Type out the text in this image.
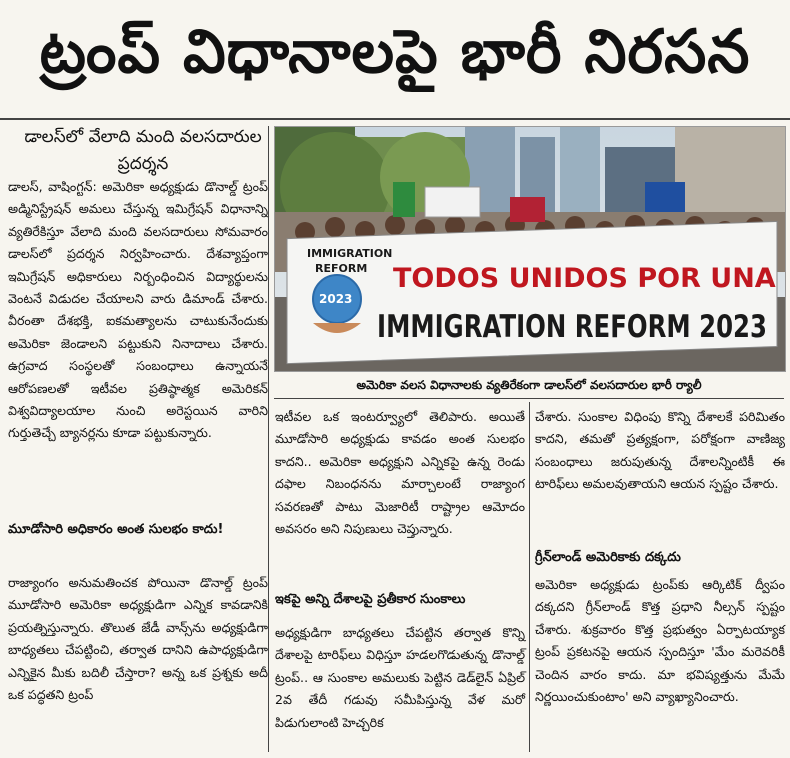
ట్రంప్ విధానాలపై భారీ నిరసన
డాలస్‌లో వేలాది మంది వలసదారుల ప్రదర్శన
డాలస్, వాషింగ్టన్: అమెరికా అధ్యక్షుడు డొనాల్డ్ ట్రంప్ అడ్మినిస్ట్రేషన్ అమలు చేస్తున్న ఇమిగ్రేషన్ విధానాన్ని వ్యతిరేకిస్తూ వేలాది మంది వలసదారులు సోమవారం డాలస్‌లో ప్రదర్శన నిర్వహించారు. దేశవ్యాప్తంగా ఇమిగ్రేషన్ అధికారులు నిర్బంధించిన విద్యార్థులను వెంటనే విడుదల చేయాలని వారు డిమాండ్ చేశారు. వీరంతా దేశభక్తి, ఐకమత్యాలను చాటుకునేందుకు అమెరికా జెండాలని పట్టుకుని నినాదాలు చేశారు. ఉగ్రవాద సంస్థలతో సంబంధాలు ఉన్నాయనే ఆరోపణలతో ఇటీవల ప్రతిష్ఠాత్మక అమెరికన్ విశ్వవిద్యాలయాల నుంచి అరెస్టయిన వారిని గుర్తుతెచ్చే బ్యానర్లను కూడా పట్టుకున్నారు.
మూడోసారి అధికారం అంత సులభం కాదు!
రాజ్యాంగం అనుమతించక పోయినా డొనాల్డ్ ట్రంప్ మూడోసారి అమెరికా అధ్యక్షుడిగా ఎన్నిక కావడానికి ప్రయత్నిస్తున్నారు. తొలుత జేడీ వాన్స్‌ను అధ్యక్షుడిగా బాధ్యతలు చేపట్టించి, తర్వాత దానిని ఉపాధ్యక్షుడిగా ఎన్నికైన మీకు బదిలీ చేస్తారా? అన్న ఒక ప్రశ్నకు అదీ ఒక పద్ధతని ట్రంప్
IMMIGRATION
REFORM
2023
TODOS UNIDOS POR UNA
IMMIGRATION REFORM 2023
అమెరికా వలస విధానాలకు వ్యతిరేకంగా డాలస్‌లో వలసదారుల భారీ ర్యాలీ
ఇటీవల ఒక ఇంటర్వ్యూలో తెలిపారు. అయితే మూడోసారి అధ్యక్షుడు కావడం అంత సులభం కాదని.. అమెరికా అధ్యక్షుని ఎన్నికపై ఉన్న రెండు దఫాల నిబంధనను మార్చాలంటే రాజ్యాంగ సవరణతో పాటు మెజారిటీ రాష్ట్రాల ఆమోదం అవసరం అని నిపుణులు చెప్తున్నారు.
ఇకపై అన్ని దేశాలపై ప్రతీకార సుంకాలు
అధ్యక్షుడిగా బాధ్యతలు చేపట్టిన తర్వాత కొన్ని దేశాలపై టారిఫ్‌లు విధిస్తూ హడలగొడుతున్న డొనాల్డ్ ట్రంప్.. ఆ సుంకాల అమలుకు పెట్టిన డెడ్‌లైన్ ఏప్రిల్ 2వ తేదీ గడువు సమీపిస్తున్న వేళ మరో పిడుగులాంటి హెచ్చరిక
చేశారు. సుంకాల విధింపు కొన్ని దేశాలకే పరిమితం కాదని, తమతో ప్రత్యక్షంగా, పరోక్షంగా వాణిజ్య సంబంధాలు జరుపుతున్న దేశాలన్నింటికీ ఈ టారిఫ్‌లు అమలవుతాయని ఆయన స్పష్టం చేశారు.
గ్రీన్‌లాండ్ అమెరికాకు దక్కదు
అమెరికా అధ్యక్షుడు ట్రంప్‌కు ఆర్కిటిక్ ద్వీపం దక్కదని గ్రీన్‌లాండ్ కొత్త ప్రధాని నీల్సన్ స్పష్టం చేశారు. శుక్రవారం కొత్త ప్రభుత్వం ఏర్పాటయ్యాక ట్రంప్ ప్రకటనపై ఆయన స్పందిస్తూ 'మేం మరెవరికీ చెందిన వారం కాదు. మా భవిష్యత్తును మేమే నిర్ణయించుకుంటాం' అని వ్యాఖ్యానించారు.
